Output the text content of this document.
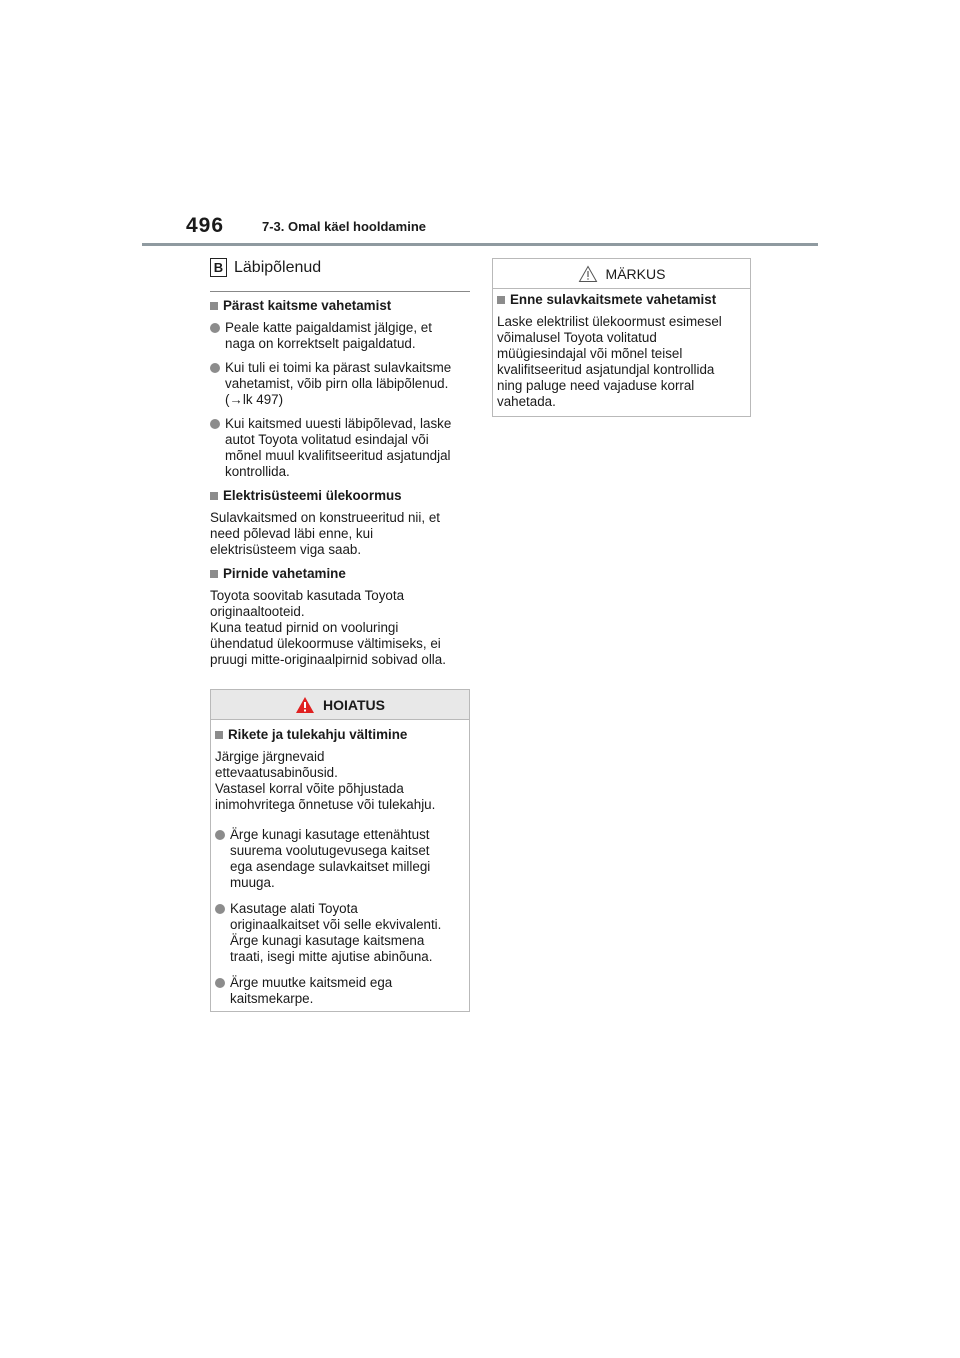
496	7-3. Omal käel hooldamine
B Läbipõlenud
Pärast kaitsme vahetamist
Peale katte paigaldamist jälgige, et
naga on korrektselt paigaldatud.
Kui tuli ei toimi ka pärast sulavkaitsme
vahetamist, võib pirn olla läbipõlenud.
(→lk 497)
Kui kaitsmed uuesti läbipõlevad, laske
autot Toyota volitatud esindajal või
mõnel muul kvalifitseeritud asjatundjal
kontrollida.
Elektrisüsteemi ülekoormus
Sulavkaitsmed on konstrueeritud nii, et
need põlevad läbi enne, kui
elektrisüsteem viga saab.
Pirnide vahetamine
Toyota soovitab kasutada Toyota
originaaltooteid.
Kuna teatud pirnid on vooluringi
ühendatud ülekoormuse vältimiseks, ei
pruugi mitte-originaalpirnid sobivad olla.
HOIATUS
Rikete ja tulekahju vältimine
Järgige järgnevaid
ettevaatusabinõusid.
Vastasel korral võite põhjustada
inimohvritega õnnetuse või tulekahju.
Ärge kunagi kasutage ettenähtust
suurema voolutugevusega kaitset
ega asendage sulavkaitset millegi
muuga.
Kasutage alati Toyota
originaalkaitset või selle ekvivalenti.
Ärge kunagi kasutage kaitsmena
traati, isegi mitte ajutise abinõuna.
Ärge muutke kaitsmeid ega
kaitsmekarpe.
MÄRKUS
Enne sulavkaitsmete vahetamist
Laske elektrilist ülekoormust esimesel
võimalusel Toyota volitatud
müügiesindajal või mõnel teisel
kvalifitseeritud asjatundjal kontrollida
ning paluge need vajaduse korral
vahetada.
